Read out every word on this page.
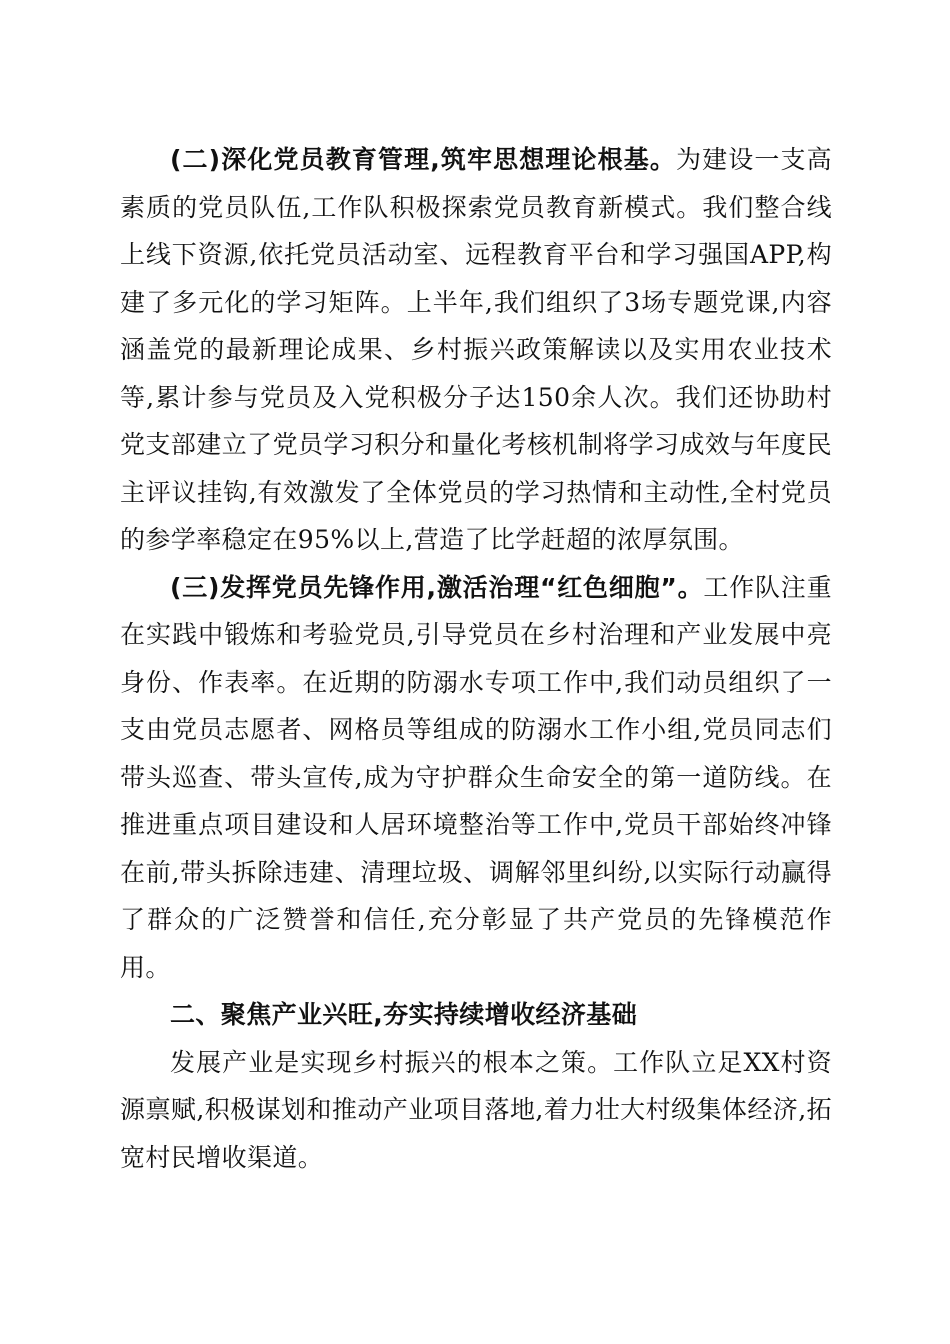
(二)深化党员教育管理,筑牢思想理论根基。为建设一支高素质的党员队伍,工作队积极探索党员教育新模式。我们整合线上线下资源,依托党员活动室、远程教育平台和学习强国APP,构建了多元化的学习矩阵。上半年,我们组织了3场专题党课,内容涵盖党的最新理论成果、乡村振兴政策解读以及实用农业技术等,累计参与党员及入党积极分子达150余人次。我们还协助村党支部建立了党员学习积分和量化考核机制将学习成效与年度民主评议挂钩,有效激发了全体党员的学习热情和主动性,全村党员的参学率稳定在95%以上,营造了比学赶超的浓厚氛围。

(三)发挥党员先锋作用,激活治理“红色细胞”。工作队注重在实践中锻炼和考验党员,引导党员在乡村治理和产业发展中亮身份、作表率。在近期的防溺水专项工作中,我们动员组织了一支由党员志愿者、网格员等组成的防溺水工作小组,党员同志们带头巡查、带头宣传,成为守护群众生命安全的第一道防线。在推进重点项目建设和人居环境整治等工作中,党员干部始终冲锋在前,带头拆除违建、清理垃圾、调解邻里纠纷,以实际行动赢得了群众的广泛赞誉和信任,充分彰显了共产党员的先锋模范作用。

二、聚焦产业兴旺,夯实持续增收经济基础

发展产业是实现乡村振兴的根本之策。工作队立足XX村资源禀赋,积极谋划和推动产业项目落地,着力壮大村级集体经济,拓宽村民增收渠道。
